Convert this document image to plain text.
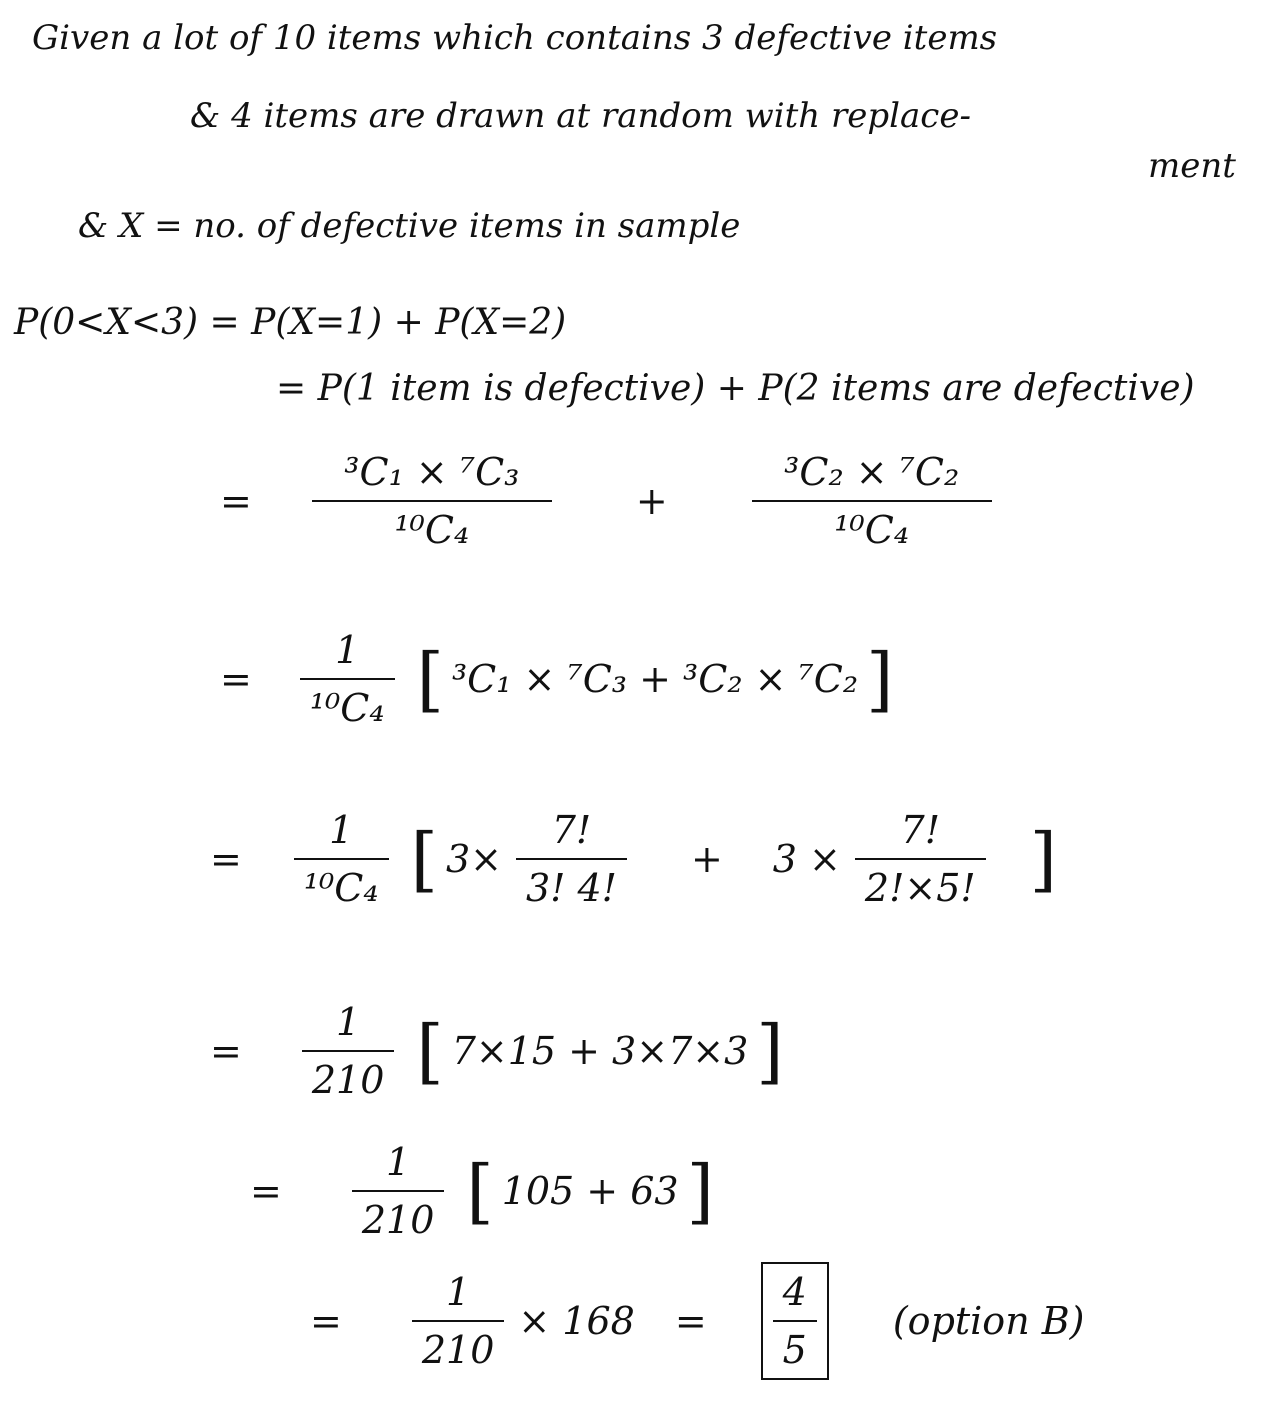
Given a lot of 10 items which contains 3 defective items
& 4 items are drawn at random with replace-
ment
& X = no. of defective items in sample
P(0<X<3) = P(X=1) + P(X=2)
= P(1 item is defective) + P(2 items are defective)
= $\frac{\text{³C₁ × ⁷C₃}}{\text{¹⁰C₄}} + \frac{\text{³C₂ × ⁷C₂}}{\text{¹⁰C₄}}$
= $\frac{1}{\text{¹⁰C₄}}$ [ ³C₁ × ⁷C₃ + ³C₂ × ⁷C₂ ]
= $\frac{1}{\text{¹⁰C₄}}$ [ $3\times \frac{7!}{3! 4!} + 3 \times \frac{7!}{2!\times 5!}$ ]
= $\frac{1}{210}$ [ 7×15 + 3×7×3 ]
= $\frac{1}{210}$ [ 105 + 63 ]
= $\frac{1}{210} \times 168 = \frac{4}{5}$ (option B)
